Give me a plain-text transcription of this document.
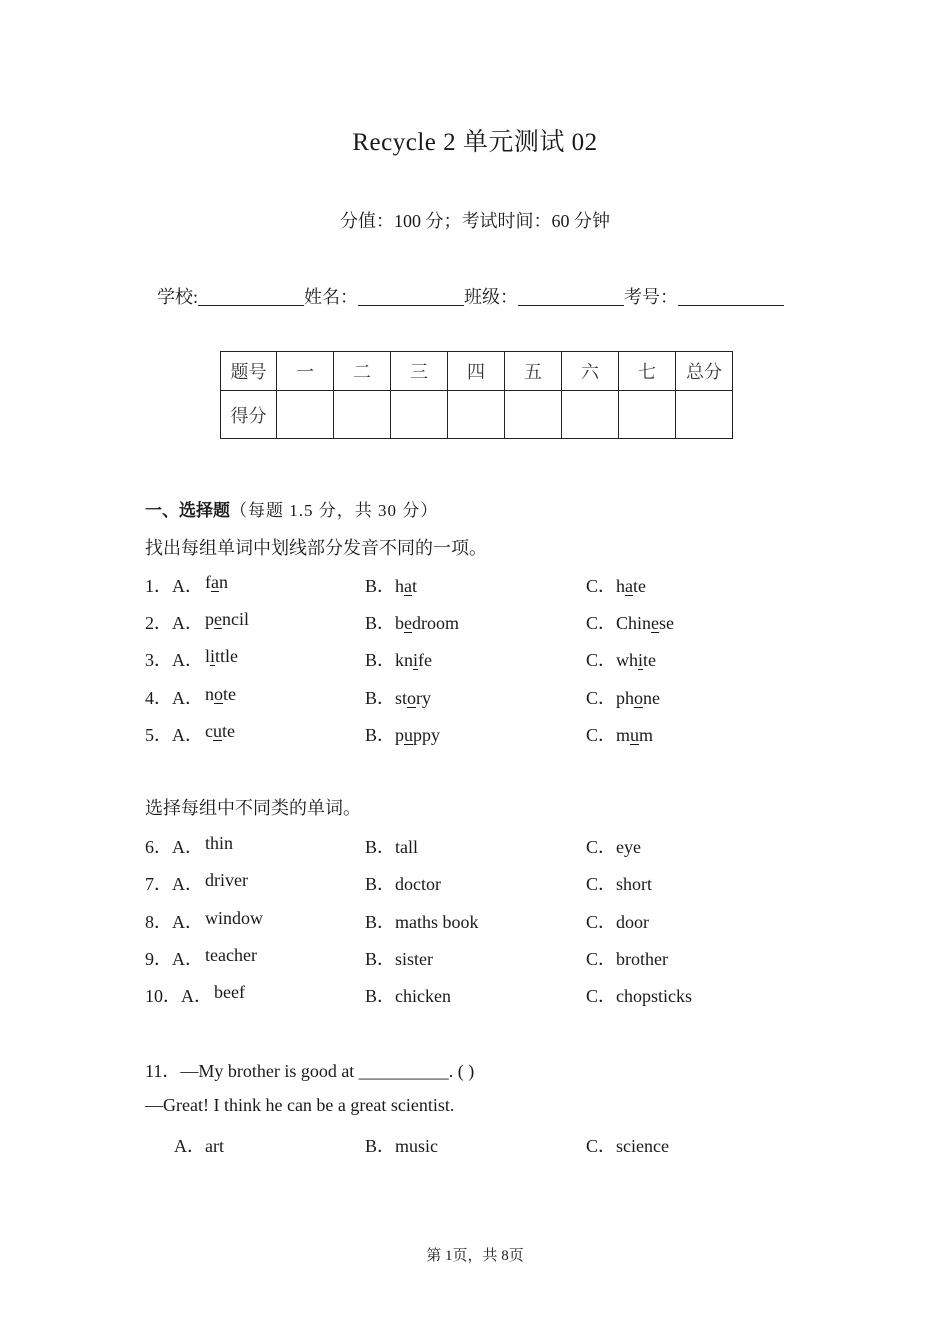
Recycle 2 单元测试 02
分值：100 分；考试时间：60 分钟
学校:	姓名：	班级：	考号：
题号	一	二	三	四	五	六	七	总分
得分								
一、选择题（每题 1.5 分，共 30 分）
找出每组单词中划线部分发音不同的一项。
1．A． fan	B．hat	C．hate
2．A． pencil	B．bedroom	C．Chinese
3．A． little	B．knife	C．white
4．A． note	B．story	C．phone
5．A． cute	B．puppy	C．mum
选择每组中不同类的单词。
6．A． thin	B．tall	C．eye
7．A． driver	B．doctor	C．short
8．A． window	B．maths book	C．door
9．A． teacher	B．sister	C．brother
10．A． beef	B．chicken	C．chopsticks
11．—My brother is good at __________. ( )
—Great! I think he can be a great scientist.
A．art	B．music	C．science
第 1页，共 8页
